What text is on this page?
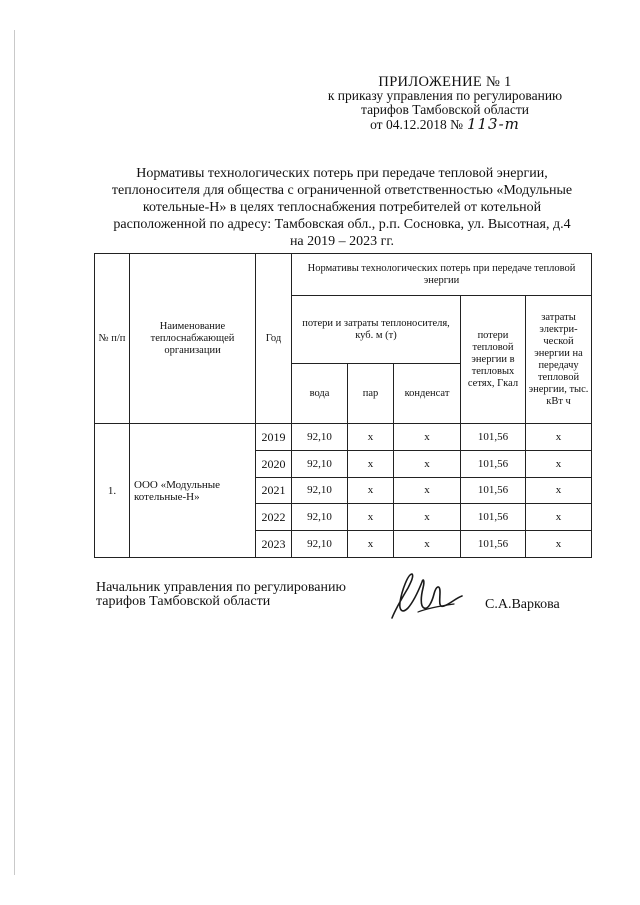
ПРИЛОЖЕНИЕ № 1
к приказу управления по регулированию
тарифов Тамбовской области
от 04.12.2018 № 113-т
Нормативы технологических потерь при передаче тепловой энергии,
теплоносителя для общества с ограниченной ответственностью «Модульные
котельные-Н» в целях теплоснабжения потребителей от котельной
расположенной по адресу: Тамбовская обл., р.п. Сосновка, ул. Высотная, д.4
на 2019 – 2023 гг.
№ п/п	Наименование теплоснабжающей организации	Год	Нормативы технологических потерь при передаче тепловой энергии				
			потери и затраты теплоносителя, куб. м (т)			потери тепловой энергии в тепловых сетях, Гкал	затраты электри-ческой энергии на передачу тепловой энергии, тыс. кВт ч
			вода	пар	конденсат		
1.	ООО «Модульные котельные-Н»	2019	92,10	х	х	101,56	х
		2020	92,10	х	х	101,56	х
		2021	92,10	х	х	101,56	х
		2022	92,10	х	х	101,56	х
		2023	92,10	х	х	101,56	х
Начальник управления по регулированию
тарифов Тамбовской области	С.А.Варкова
